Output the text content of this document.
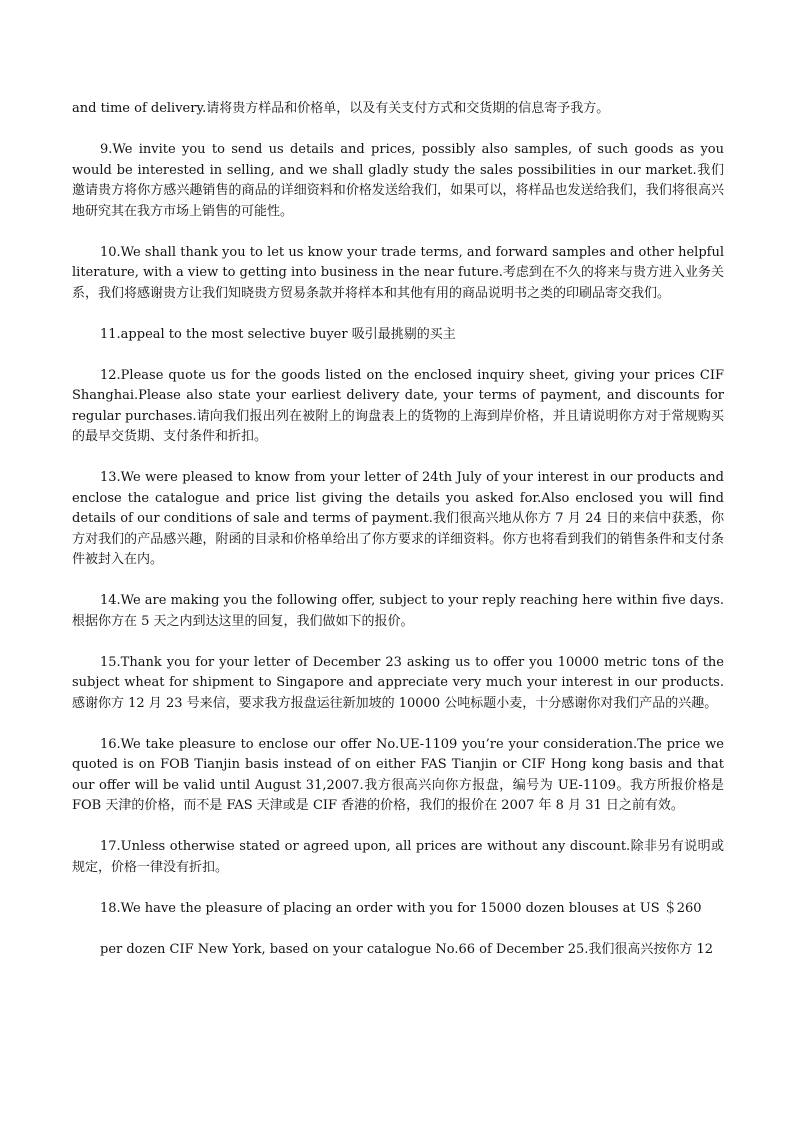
and time of delivery.请将贵方样品和价格单，以及有关支付方式和交货期的信息寄予我方。

9.We invite you to send us details and prices, possibly also samples, of such goods as you would be interested in selling, and we shall gladly study the sales possibilities in our market.我们邀请贵方将你方感兴趣销售的商品的详细资料和价格发送给我们，如果可以，将样品也发送给我们，我们将很高兴地研究其在我方市场上销售的可能性。

10.We shall thank you to let us know your trade terms, and forward samples and other helpful literature, with a view to getting into business in the near future.考虑到在不久的将来与贵方进入业务关系，我们将感谢贵方让我们知晓贵方贸易条款并将样本和其他有用的商品说明书之类的印刷品寄交我们。

11.appeal to the most selective buyer 吸引最挑剔的买主

12.Please quote us for the goods listed on the enclosed inquiry sheet, giving your prices CIF Shanghai.Please also state your earliest delivery date, your terms of payment, and discounts for regular purchases.请向我们报出列在被附上的询盘表上的货物的上海到岸价格，并且请说明你方对于常规购买的最早交货期、支付条件和折扣。

13.We were pleased to know from your letter of 24th July of your interest in our products and enclose the catalogue and price list giving the details you asked for.Also enclosed you will find details of our conditions of sale and terms of payment.我们很高兴地从你方 7 月 24 日的来信中获悉，你方对我们的产品感兴趣，附函的目录和价格单给出了你方要求的详细资料。你方也将看到我们的销售条件和支付条件被封入在内。

14.We are making you the following offer, subject to your reply reaching here within five days.根据你方在 5 天之内到达这里的回复，我们做如下的报价。

15.Thank you for your letter of December 23 asking us to offer you 10000 metric tons of the subject wheat for shipment to Singapore and appreciate very much your interest in our products.感谢你方 12 月 23 号来信，要求我方报盘运往新加坡的 10000 公吨标题小麦，十分感谢你对我们产品的兴趣。

16.We take pleasure to enclose our offer No.UE-1109 you’re your consideration.The price we quoted is on FOB Tianjin basis instead of on either FAS Tianjin or CIF Hong kong basis and that our offer will be valid until August 31,2007.我方很高兴向你方报盘，编号为 UE-1109。我方所报价格是 FOB 天津的价格，而不是 FAS 天津或是 CIF 香港的价格，我们的报价在 2007 年 8 月 31 日之前有效。

17.Unless otherwise stated or agreed upon, all prices are without any discount.除非另有说明或规定，价格一律没有折扣。

18.We have the pleasure of placing an order with you for 15000 dozen blouses at US ＄260

per dozen CIF New York, based on your catalogue No.66 of December 25.我们很高兴按你方 12
